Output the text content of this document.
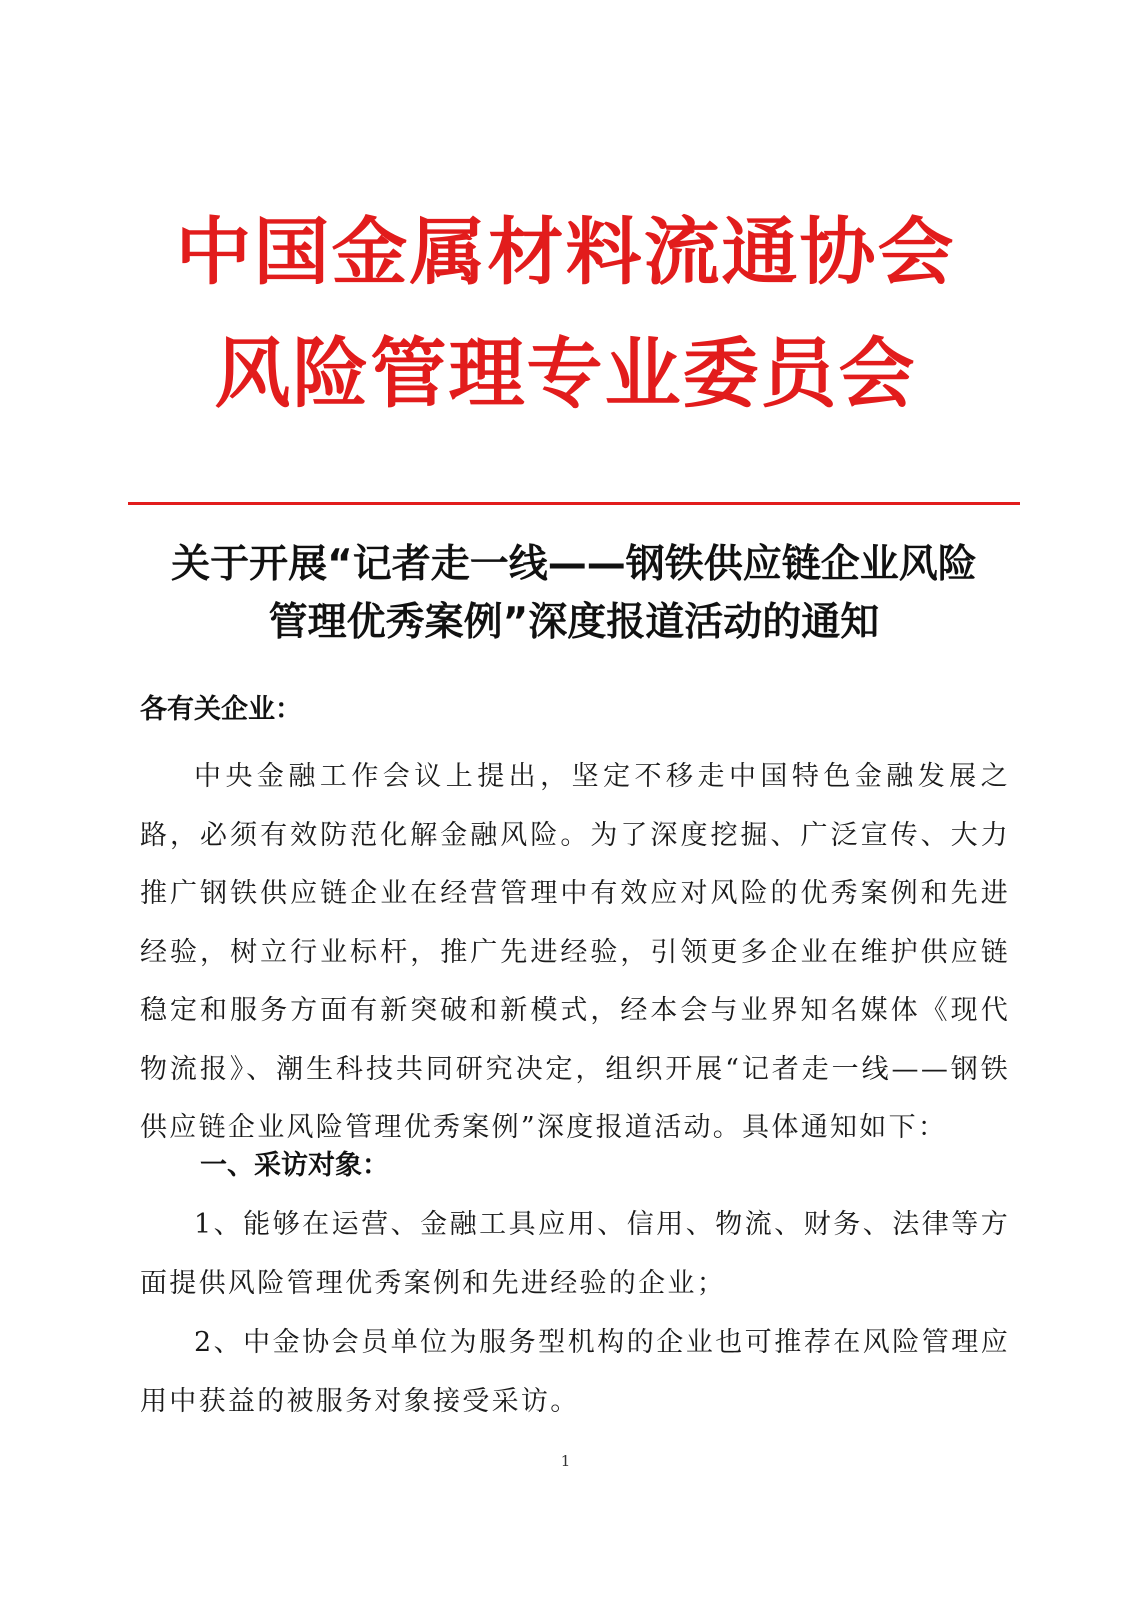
中国金属材料流通协会
风险管理专业委员会
关于开展“记者走一线——钢铁供应链企业风险
管理优秀案例”深度报道活动的通知
各有关企业：

中央金融工作会议上提出，坚定不移走中国特色金融发展之路，必须有效防范化解金融风险。为了深度挖掘、广泛宣传、大力推广钢铁供应链企业在经营管理中有效应对风险的优秀案例和先进经验，树立行业标杆，推广先进经验，引领更多企业在维护供应链稳定和服务方面有新突破和新模式，经本会与业界知名媒体《现代物流报》、潮生科技共同研究决定，组织开展“记者走一线——钢铁供应链企业风险管理优秀案例”深度报道活动。具体通知如下：

一、采访对象：

1、能够在运营、金融工具应用、信用、物流、财务、法律等方面提供风险管理优秀案例和先进经验的企业；

2、中金协会员单位为服务型机构的企业也可推荐在风险管理应用中获益的被服务对象接受采访。

1
